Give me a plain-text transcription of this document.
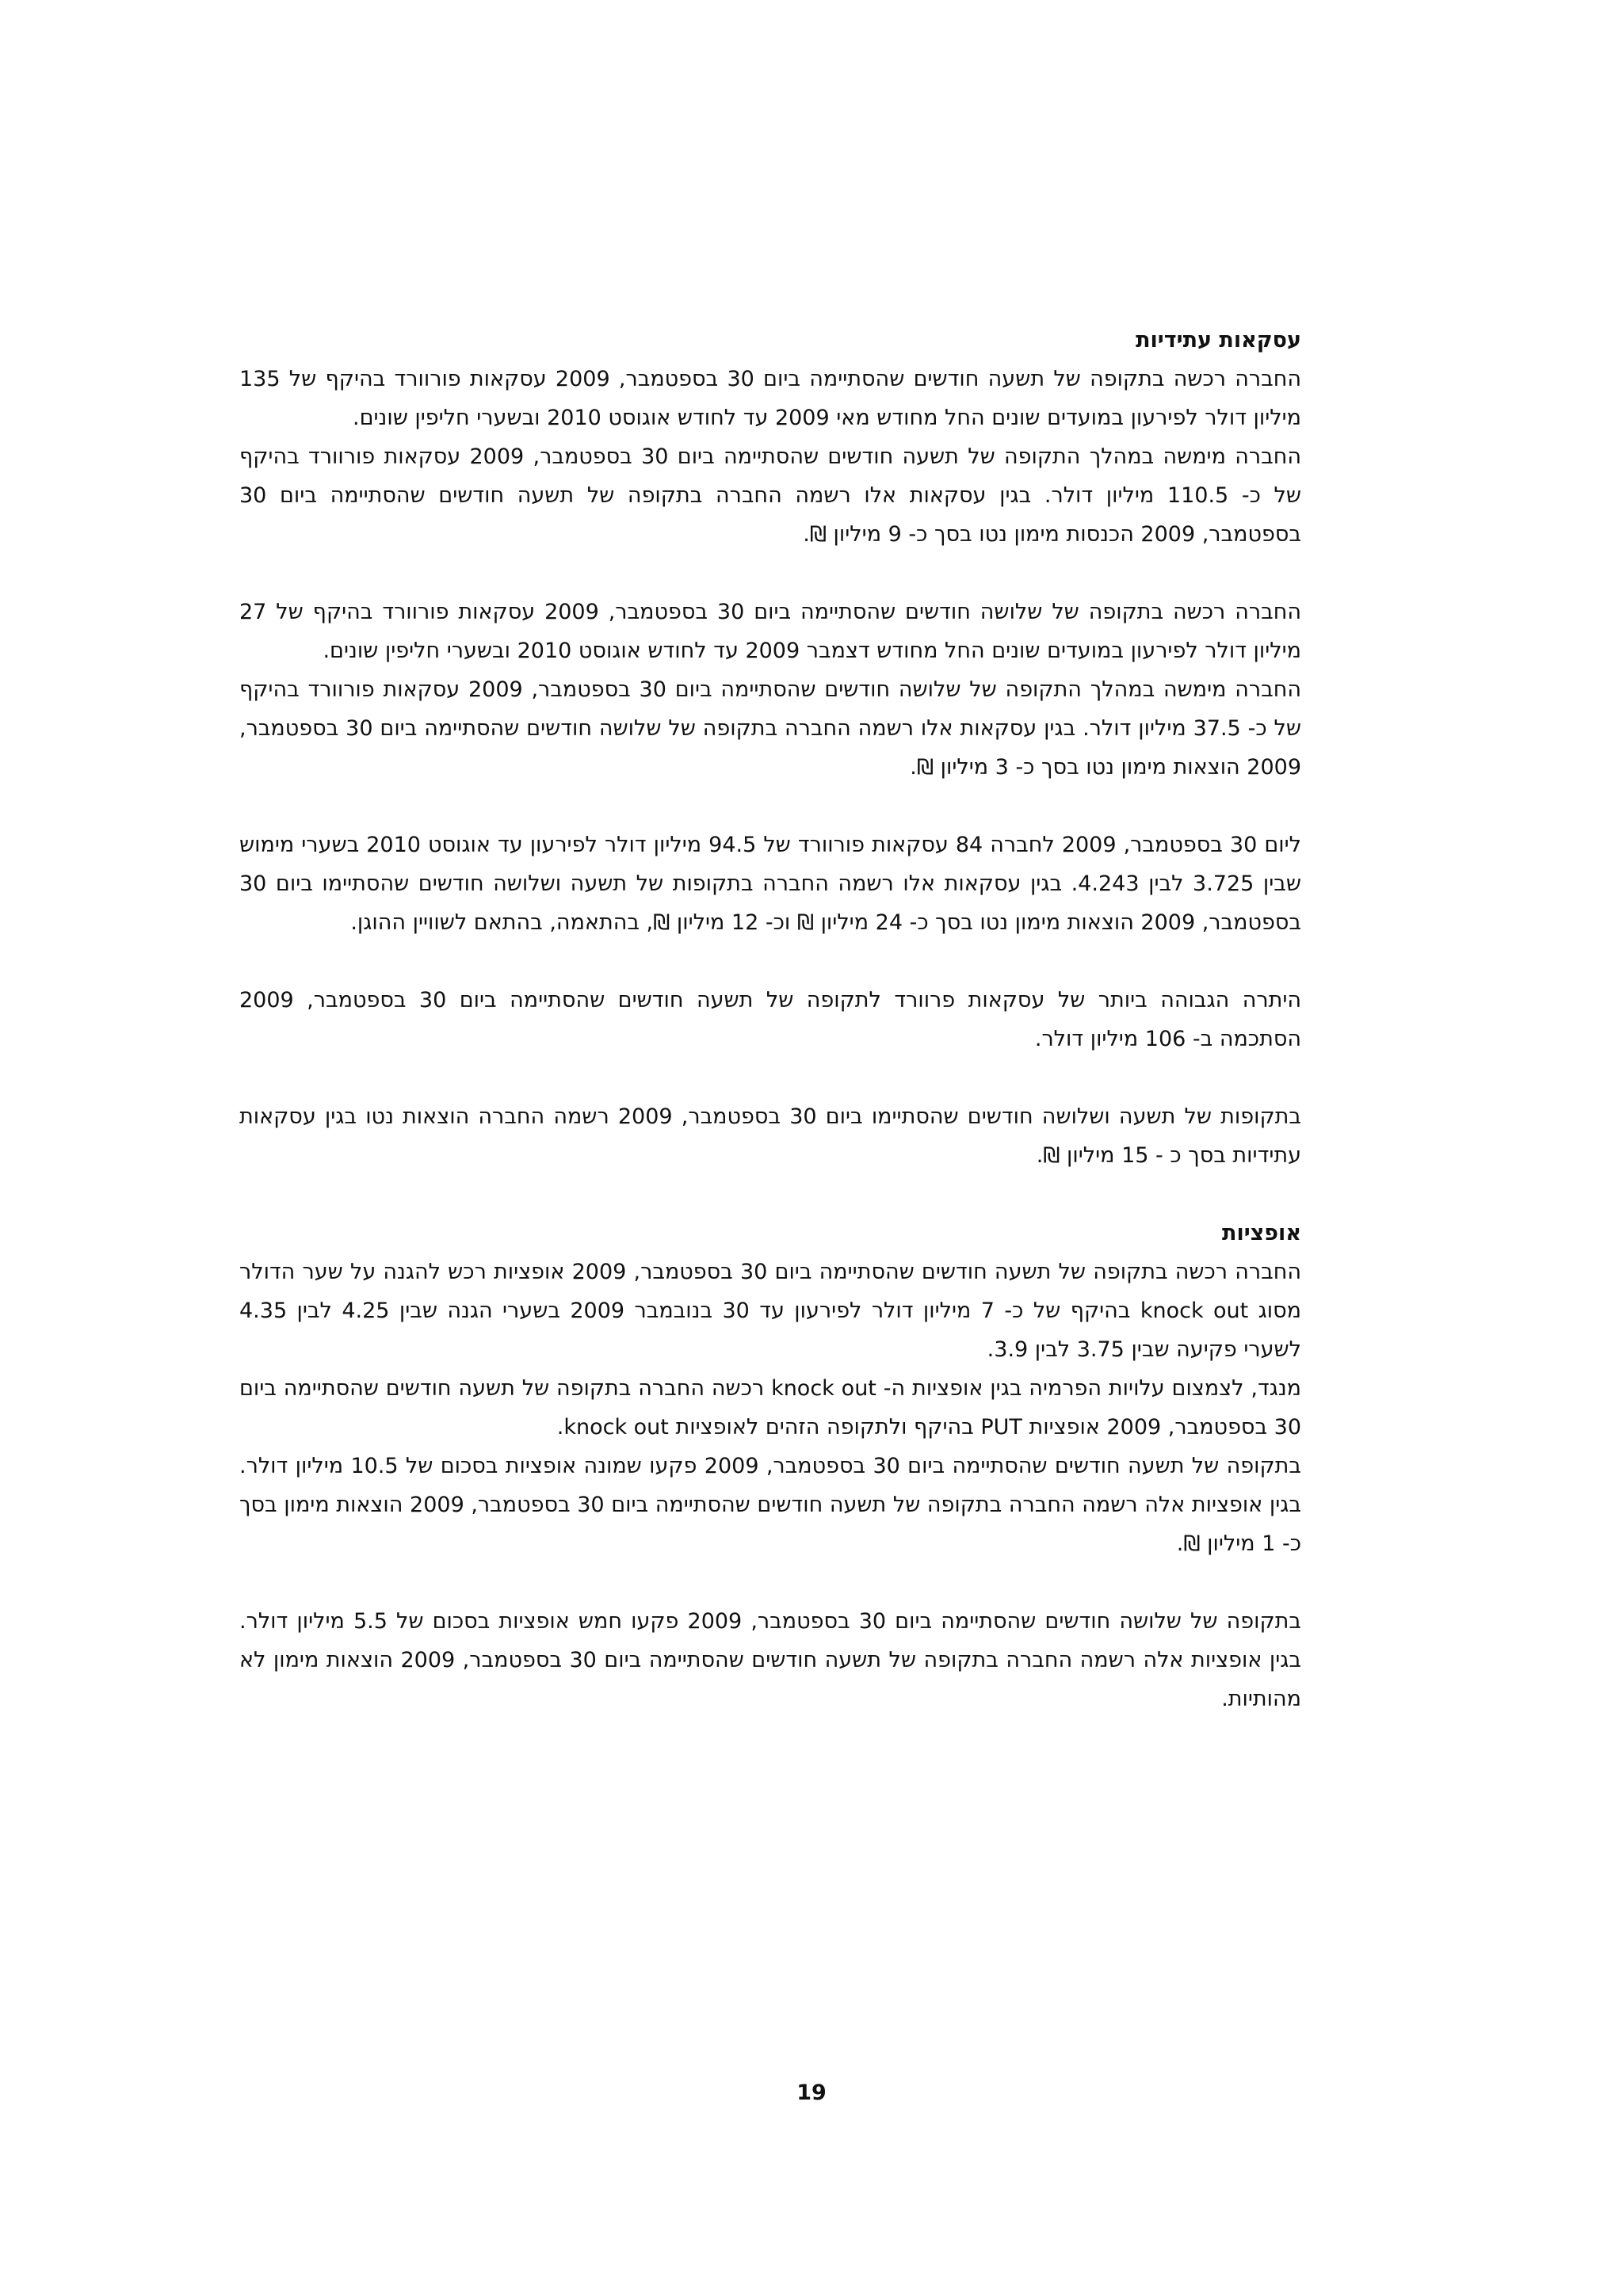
עסקאות עתידיות

החברה רכשה בתקופה של תשעה חודשים שהסתיימה ביום 30 בספטמבר, 2009 עסקאות פורוורד בהיקף של 135 מיליון דולר לפירעון במועדים שונים החל מחודש מאי 2009 עד לחודש אוגוסט 2010 ובשערי חליפין שונים.

החברה מימשה במהלך התקופה של תשעה חודשים שהסתיימה ביום 30 בספטמבר, 2009 עסקאות פורוורד בהיקף של כ- 110.5 מיליון דולר. בגין עסקאות אלו רשמה החברה בתקופה של תשעה חודשים שהסתיימה ביום 30 בספטמבר, 2009 הכנסות מימון נטו בסך כ- 9 מיליון ₪.

החברה רכשה בתקופה של שלושה חודשים שהסתיימה ביום 30 בספטמבר, 2009 עסקאות פורוורד בהיקף של 27 מיליון דולר לפירעון במועדים שונים החל מחודש דצמבר 2009 עד לחודש אוגוסט 2010 ובשערי חליפין שונים.

החברה מימשה במהלך התקופה של שלושה חודשים שהסתיימה ביום 30 בספטמבר, 2009 עסקאות פורוורד בהיקף של כ- 37.5 מיליון דולר. בגין עסקאות אלו רשמה החברה בתקופה של שלושה חודשים שהסתיימה ביום 30 בספטמבר, 2009 הוצאות מימון נטו בסך כ- 3 מיליון ₪.

ליום 30 בספטמבר, 2009 לחברה 84 עסקאות פורוורד של 94.5 מיליון דולר לפירעון עד אוגוסט 2010 בשערי מימוש שבין 3.725 לבין 4.243. בגין עסקאות אלו רשמה החברה בתקופות של תשעה ושלושה חודשים שהסתיימו ביום 30 בספטמבר, 2009 הוצאות מימון נטו בסך כ- 24 מיליון ₪ וכ- 12 מיליון ₪, בהתאמה, בהתאם לשוויין ההוגן.

היתרה הגבוהה ביותר של עסקאות פרוורד לתקופה של תשעה חודשים שהסתיימה ביום 30 בספטמבר, 2009 הסתכמה ב- 106 מיליון דולר.

בתקופות של תשעה ושלושה חודשים שהסתיימו ביום 30 בספטמבר, 2009 רשמה החברה הוצאות נטו בגין עסקאות עתידיות בסך כ - 15 מיליון ₪.

אופציות

החברה רכשה בתקופה של תשעה חודשים שהסתיימה ביום 30 בספטמבר, 2009 אופציות רכש להגנה על שער הדולר מסוג knock out בהיקף של כ- 7 מיליון דולר לפירעון עד 30 בנובמבר 2009 בשערי הגנה שבין 4.25 לבין 4.35 לשערי פקיעה שבין 3.75 לבין 3.9.

מנגד, לצמצום עלויות הפרמיה בגין אופציות ה- knock out רכשה החברה בתקופה של תשעה חודשים שהסתיימה ביום 30 בספטמבר, 2009 אופציות PUT בהיקף ולתקופה הזהים לאופציות knock out.

בתקופה של תשעה חודשים שהסתיימה ביום 30 בספטמבר, 2009 פקעו שמונה אופציות בסכום של 10.5 מיליון דולר. בגין אופציות אלה רשמה החברה בתקופה של תשעה חודשים שהסתיימה ביום 30 בספטמבר, 2009 הוצאות מימון בסך כ- 1 מיליון ₪.

בתקופה של שלושה חודשים שהסתיימה ביום 30 בספטמבר, 2009 פקעו חמש אופציות בסכום של 5.5 מיליון דולר. בגין אופציות אלה רשמה החברה בתקופה של תשעה חודשים שהסתיימה ביום 30 בספטמבר, 2009 הוצאות מימון לא מהותיות.

19
